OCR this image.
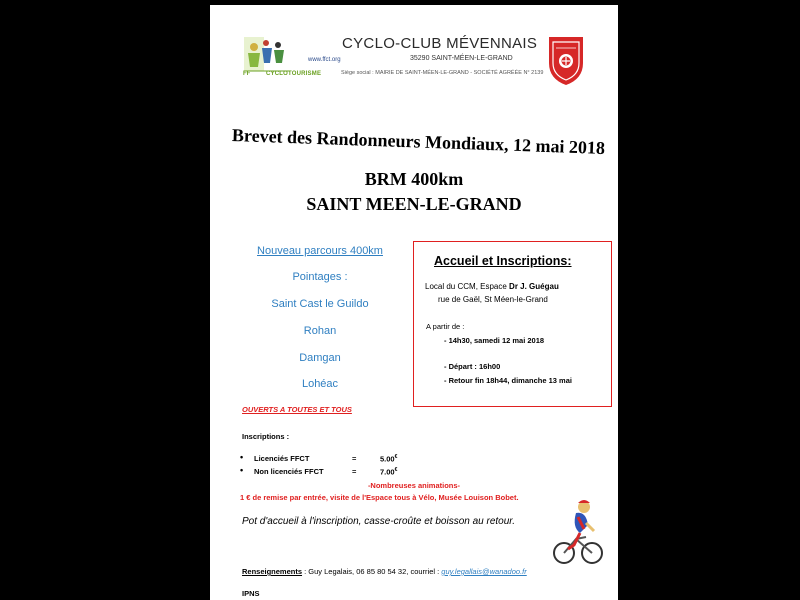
www.ffct.org
FF	CYCLOTOURISME
CYCLO-CLUB MÉVENNAIS
35290 SAINT-MÉEN-LE-GRAND
Siège social : MAIRIE DE SAINT-MÉEN-LE-GRAND - SOCIÉTÉ AGRÉÉE N° 2139
Brevet des Randonneurs Mondiaux, 12 mai 2018
BRM 400km
SAINT MEEN-LE-GRAND
Nouveau parcours 400km
Pointages :
Saint Cast le Guildo
Rohan
Damgan
Lohéac
OUVERTS A TOUTES ET TOUS
Accueil et Inscriptions:
Local du CCM, Espace Dr J. Guégau
rue de Gaël, St Méen-le-Grand
A partir de :
- 14h30, samedi 12 mai 2018
- Départ : 16h00
- Retour fin 18h44, dimanche 13 mai
Inscriptions :
• Licenciés FFCT	=	5.00€
• Non licenciés FFCT	=	7.00€
-Nombreuses animations-
1 € de remise par entrée, visite de l'Espace tous à Vélo, Musée Louison Bobet.
Pot d'accueil à l'inscription, casse-croûte et boisson au retour.
Renseignements : Guy Legalais, 06 85 80 54 32, courriel : guy.legallais@wanadoo.fr
IPNS
